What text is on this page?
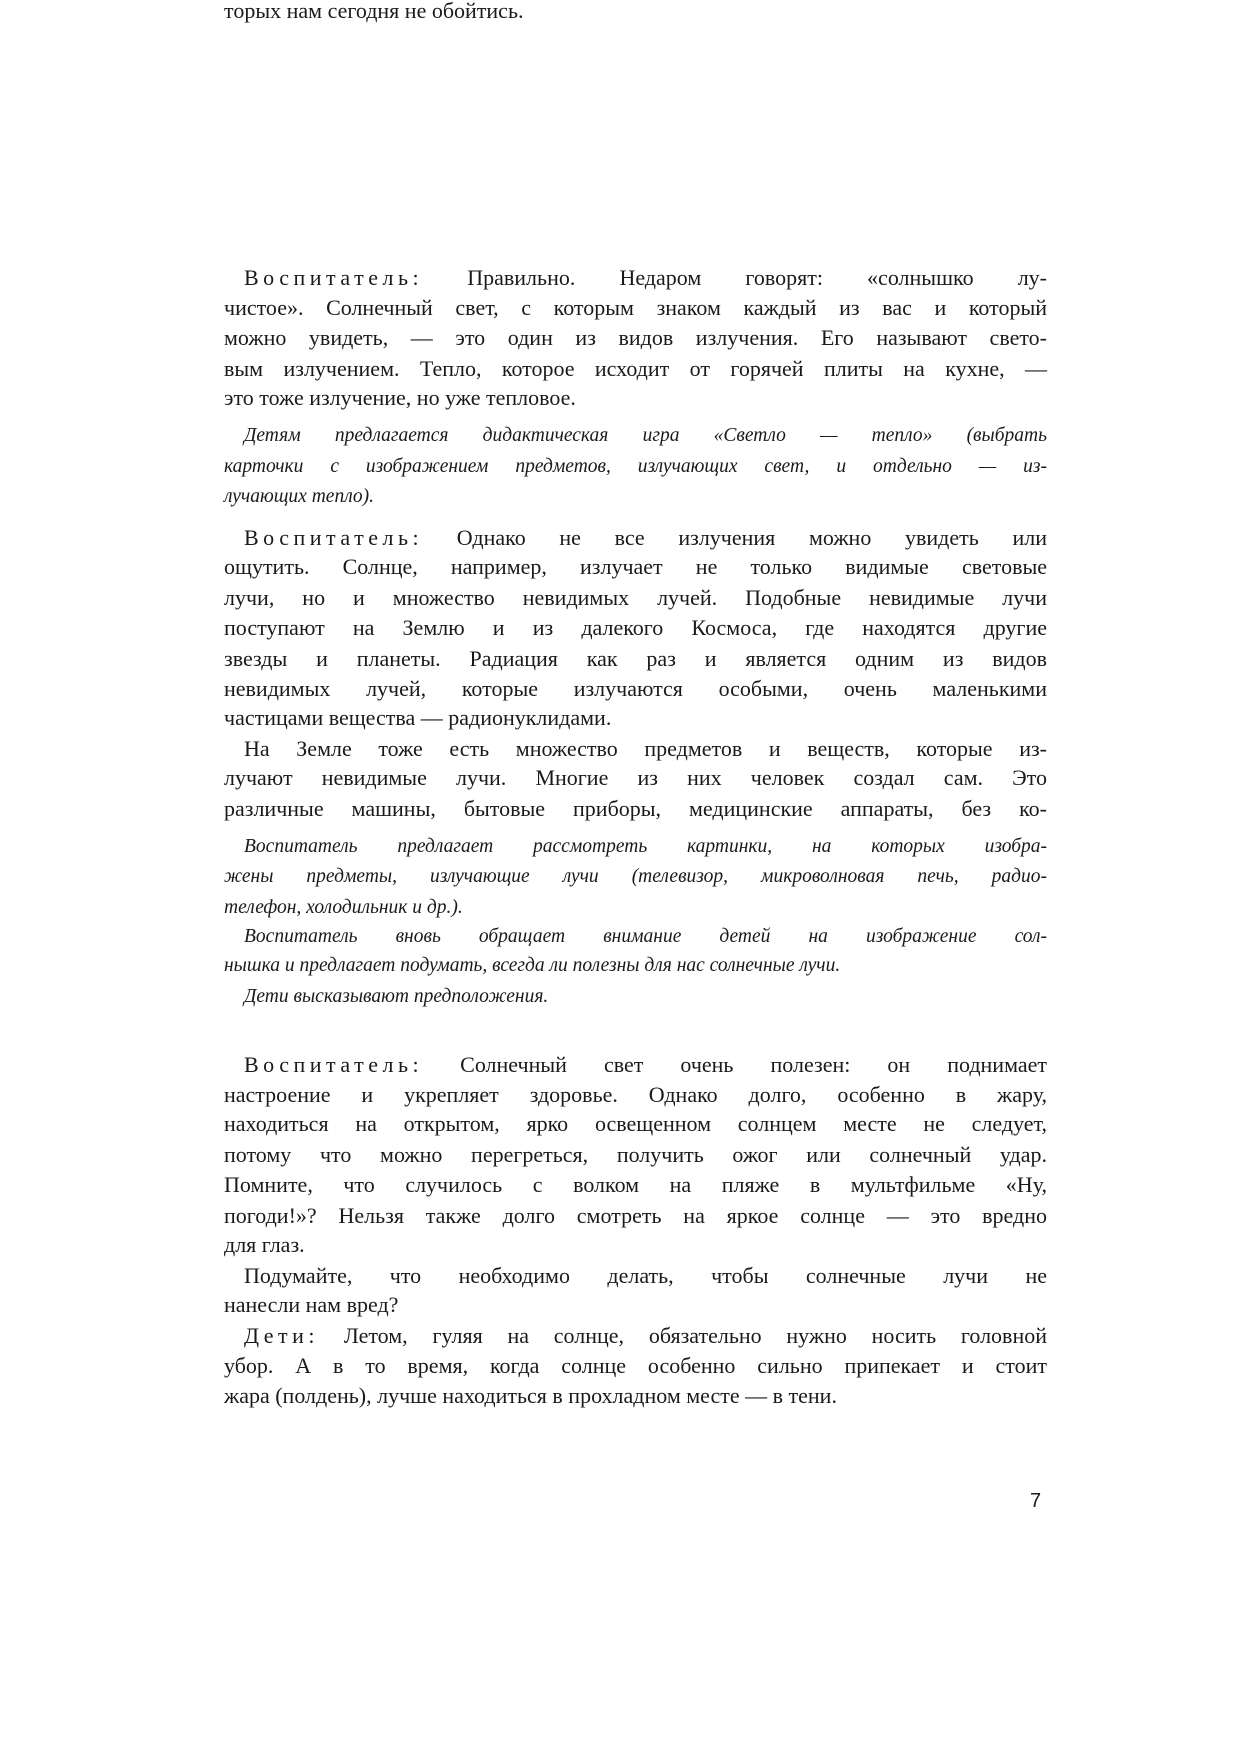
Воспитатель: Правильно. Недаром говорят: «солнышко лу-
чистое». Солнечный свет, с которым знаком каждый из вас и который
можно увидеть, — это один из видов излучения. Его называют свето-
вым излучением. Тепло, которое исходит от горячей плиты на кухне, —
это тоже излучение, но уже тепловое.
Детям предлагается дидактическая игра «Светло — тепло» (выбрать
карточки с изображением предметов, излучающих свет, и отдельно — из-
лучающих тепло).
Воспитатель: Однако не все излучения можно увидеть или
ощутить. Солнце, например, излучает не только видимые световые
лучи, но и множество невидимых лучей. Подобные невидимые лучи
поступают на Землю и из далекого Космоса, где находятся другие
звезды и планеты. Радиация как раз и является одним из видов
невидимых лучей, которые излучаются особыми, очень маленькими
частицами вещества — радионуклидами.
На Земле тоже есть множество предметов и веществ, которые из-
лучают невидимые лучи. Многие из них человек создал сам. Это
различные машины, бытовые приборы, медицинские аппараты, без ко-
торых нам сегодня не обойтись.
Воспитатель предлагает рассмотреть картинки, на которых изобра-
жены предметы, излучающие лучи (телевизор, микроволновая печь, радио-
телефон, холодильник и др.).
Воспитатель вновь обращает внимание детей на изображение сол-
нышка и предлагает подумать, всегда ли полезны для нас солнечные лучи.
Дети высказывают предположения.
Воспитатель: Солнечный свет очень полезен: он поднимает
настроение и укрепляет здоровье. Однако долго, особенно в жару,
находиться на открытом, ярко освещенном солнцем месте не следует,
потому что можно перегреться, получить ожог или солнечный удар.
Помните, что случилось с волком на пляже в мультфильме «Ну,
погоди!»? Нельзя также долго смотреть на яркое солнце — это вредно
для глаз.
Подумайте, что необходимо делать, чтобы солнечные лучи не
нанесли нам вред?
Дети: Летом, гуляя на солнце, обязательно нужно носить головной
убор. А в то время, когда солнце особенно сильно припекает и стоит
жара (полдень), лучше находиться в прохладном месте — в тени.
7
